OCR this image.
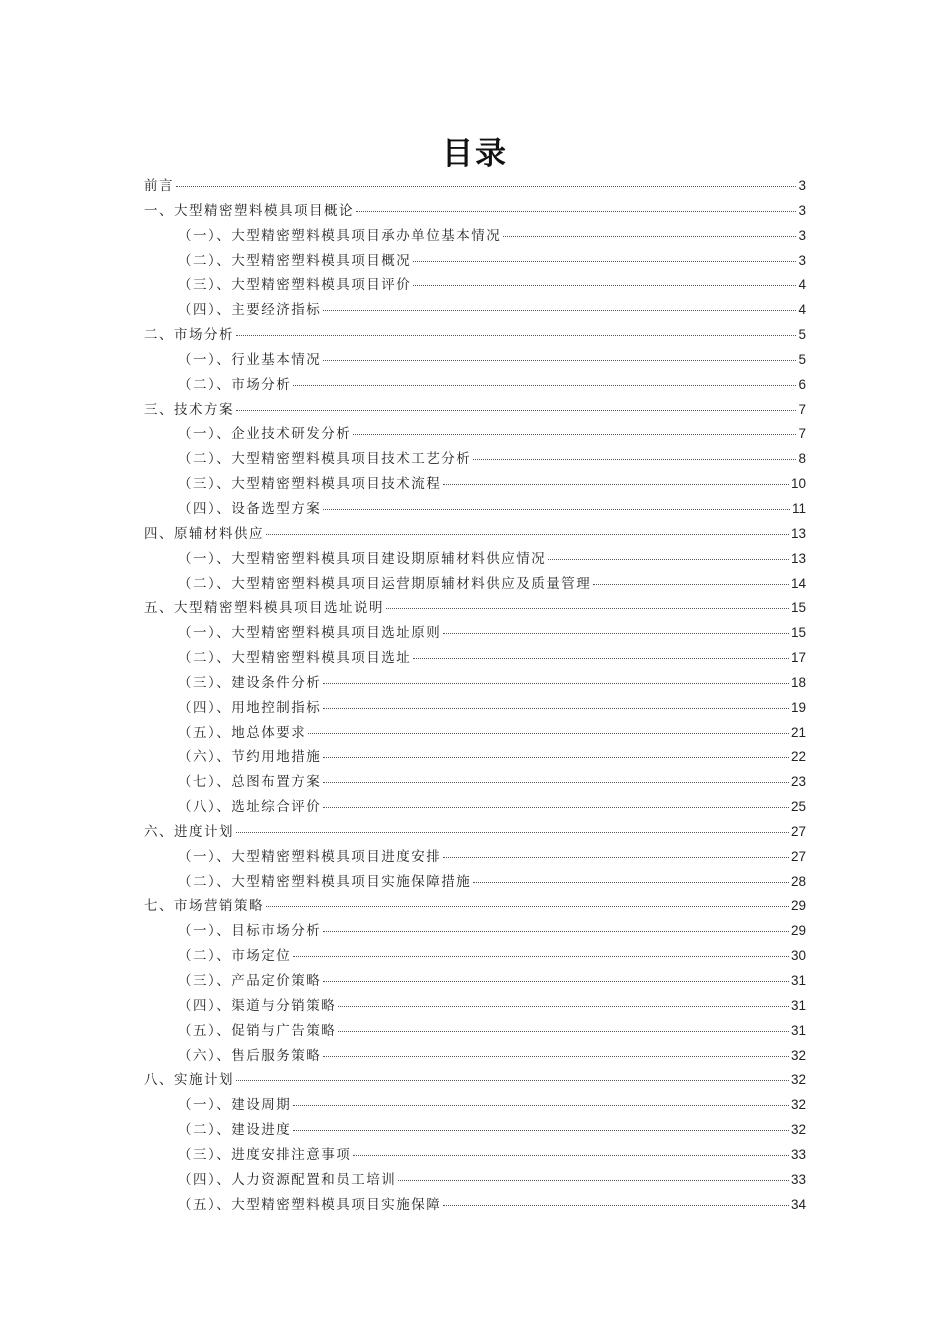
目录
前言	3
一、大型精密塑料模具项目概论	3
（一）、大型精密塑料模具项目承办单位基本情况	3
（二）、大型精密塑料模具项目概况	3
（三）、大型精密塑料模具项目评价	4
（四）、主要经济指标	4
二、市场分析	5
（一）、行业基本情况	5
（二）、市场分析	6
三、技术方案	7
（一）、企业技术研发分析	7
（二）、大型精密塑料模具项目技术工艺分析	8
（三）、大型精密塑料模具项目技术流程	10
（四）、设备选型方案	11
四、原辅材料供应	13
（一）、大型精密塑料模具项目建设期原辅材料供应情况	13
（二）、大型精密塑料模具项目运营期原辅材料供应及质量管理	14
五、大型精密塑料模具项目选址说明	15
（一）、大型精密塑料模具项目选址原则	15
（二）、大型精密塑料模具项目选址	17
（三）、建设条件分析	18
（四）、用地控制指标	19
（五）、地总体要求	21
（六）、节约用地措施	22
（七）、总图布置方案	23
（八）、选址综合评价	25
六、进度计划	27
（一）、大型精密塑料模具项目进度安排	27
（二）、大型精密塑料模具项目实施保障措施	28
七、市场营销策略	29
（一）、目标市场分析	29
（二）、市场定位	30
（三）、产品定价策略	31
（四）、渠道与分销策略	31
（五）、促销与广告策略	31
（六）、售后服务策略	32
八、实施计划	32
（一）、建设周期	32
（二）、建设进度	32
（三）、进度安排注意事项	33
（四）、人力资源配置和员工培训	33
（五）、大型精密塑料模具项目实施保障	34
